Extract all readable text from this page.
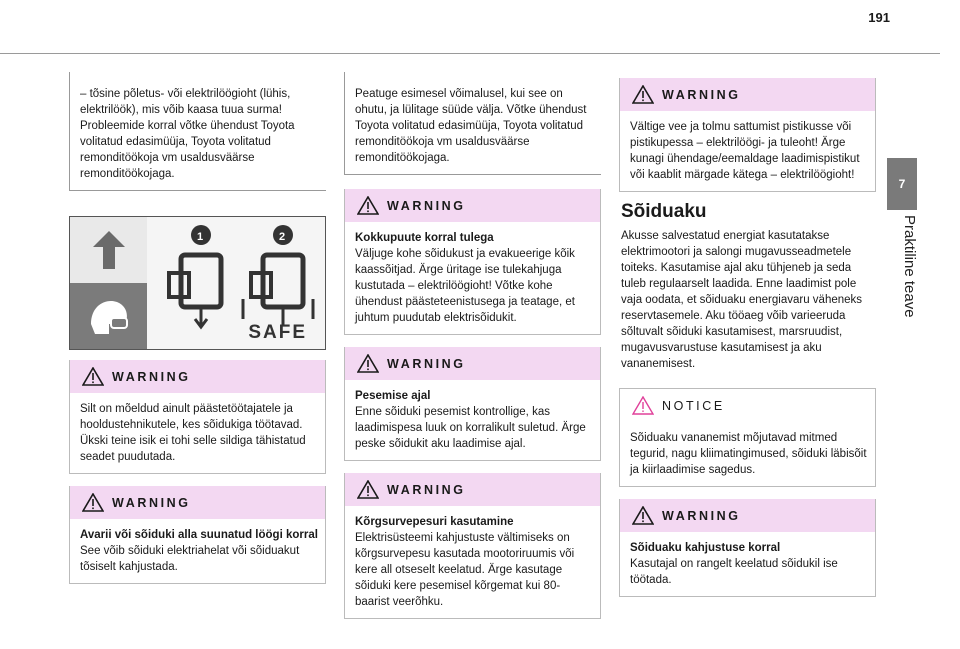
191
7
Praktiline teave

– tõsine põletus- või elektrilöögioht (lühis, elektrilöök), mis võib kaasa tuua surma! Probleemide korral võtke ühendust Toyota volitatud edasimüüja, Toyota volitatud remonditöökoja vm usaldusväärse remonditöökojaga.

1	2
SAFE
WARNING

Silt on mõeldud ainult päästetöötajatele ja hooldustehnikutele, kes sõidukiga töötavad. Ükski teine isik ei tohi selle sildiga tähistatud seadet puudutada.

WARNING
Avarii või sõiduki alla suunatud löögi korral

See võib sõiduki elektriahelat või sõiduakut tõsiselt kahjustada.

Peatuge esimesel võimalusel, kui see on ohutu, ja lülitage süüde välja. Võtke ühendust Toyota volitatud edasimüüja, Toyota volitatud remonditöökoja vm usaldusväärse remonditöökojaga.

WARNING
Kokkupuute korral tulega

Väljuge kohe sõidukust ja evakueerige kõik kaassõitjad. Ärge üritage ise tulekahjuga kustutada – elektrilöögioht! Võtke kohe ühendust päästeteenistusega ja teatage, et juhtum puudutab elektrisõidukit.

WARNING
Pesemise ajal

Enne sõiduki pesemist kontrollige, kas laadimispesa luuk on korralikult suletud. Ärge peske sõidukit aku laadimise ajal.

WARNING
Kõrgsurvepesuri kasutamine

Elektrisüsteemi kahjustuste vältimiseks on kõrgsurvepesu kasutada mootoriruumis või kere all otseselt keelatud. Ärge kasutage sõiduki kere pesemisel kõrgemat kui 80-baarist veerõhku.

WARNING

Vältige vee ja tolmu sattumist pistikusse või pistikupessa – elektrilöögi- ja tuleoht! Ärge kunagi ühendage/eemaldage laadimispistikut või kaablit märgade kätega – elektrilöögioht!

Sõiduaku

Akusse salvestatud energiat kasutatakse elektrimootori ja salongi mugavusseadmetele toiteks. Kasutamise ajal aku tühjeneb ja seda tuleb regulaarselt laadida. Enne laadimist pole vaja oodata, et sõiduaku energiavaru väheneks reservtasemele. Aku tööaeg võib varieeruda sõltuvalt sõiduki kasutamisest, marsruudist, mugavusvarustuse kasutamisest ja aku vananemisest.

NOTICE

Sõiduaku vananemist mõjutavad mitmed tegurid, nagu kliimatingimused, sõiduki läbisõit ja kiirlaadimise sagedus.

WARNING
Sõiduaku kahjustuse korral

Kasutajal on rangelt keelatud sõidukil ise töötada.
